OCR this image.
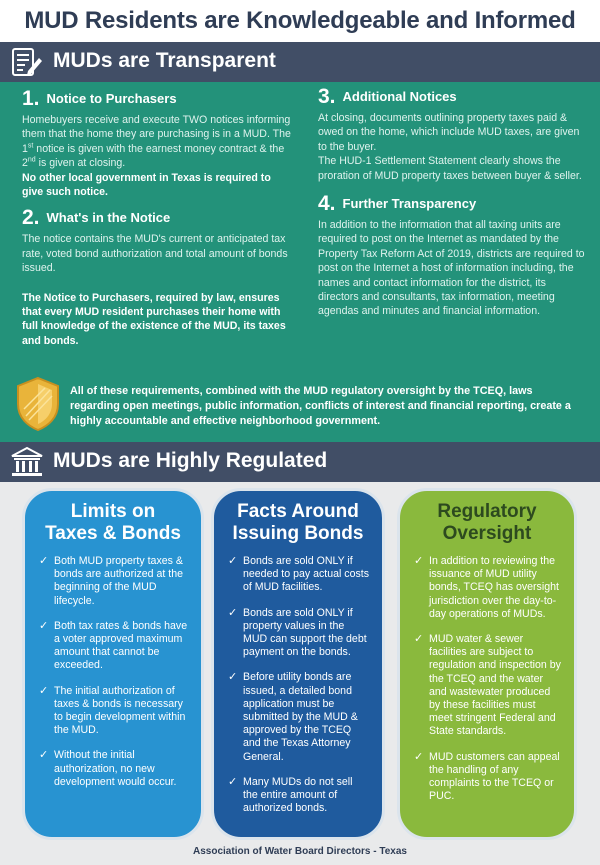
MUD Residents are Knowledgeable and Informed
MUDs are Transparent
1. Notice to Purchasers

Homebuyers receive and execute TWO notices informing them that the home they are purchasing is in a MUD. The 1st notice is given with the earnest money contract & the 2nd is given at closing.

No other local government in Texas is required to give such notice.

2. What's in the Notice

The notice contains the MUD's current or anticipated tax rate, voted bond authorization and total amount of bonds issued.

The Notice to Purchasers, required by law, ensures that every MUD resident purchases their home with full knowledge of the existence of the MUD, its taxes and bonds.

3. Additional Notices

At closing, documents outlining property taxes paid & owed on the home, which include MUD taxes, are given to the buyer.

The HUD-1 Settlement Statement clearly shows the proration of MUD property taxes between buyer & seller.

4. Further Transparency

In addition to the information that all taxing units are required to post on the Internet as mandated by the Property Tax Reform Act of 2019, districts are required to post on the Internet a host of information including, the names and contact information for the district, its directors and consultants, tax information, meeting agendas and minutes and financial information.

All of these requirements, combined with the MUD regulatory oversight by the TCEQ, laws regarding open meetings, public information, conflicts of interest and financial reporting, create a highly accountable and effective neighborhood government.

MUDs are Highly Regulated
Limits on
Taxes & Bonds
✓ Both MUD property taxes & bonds are authorized at the beginning of the MUD lifecycle.
✓ Both tax rates & bonds have a voter approved maximum amount that cannot be exceeded.
✓ The initial authorization of taxes & bonds is necessary to begin development within the MUD.
✓ Without the initial authorization, no new development would occur.
Facts Around
Issuing Bonds
✓ Bonds are sold ONLY if needed to pay actual costs of MUD facilities.
✓ Bonds are sold ONLY if property values in the MUD can support the debt payment on the bonds.
✓ Before utility bonds are issued, a detailed bond application must be submitted by the MUD & approved by the TCEQ and the Texas Attorney General.
✓ Many MUDs do not sell the entire amount of authorized bonds.
Regulatory
Oversight
✓ In addition to reviewing the issuance of MUD utility bonds, TCEQ has oversight jurisdiction over the day-to-day operations of MUDs.
✓ MUD water & sewer facilities are subject to regulation and inspection by the TCEQ and the water and wastewater produced by these facilities must meet stringent Federal and State standards.
✓ MUD customers can appeal the handling of any complaints to the TCEQ or PUC.
Association of Water Board Directors - Texas
